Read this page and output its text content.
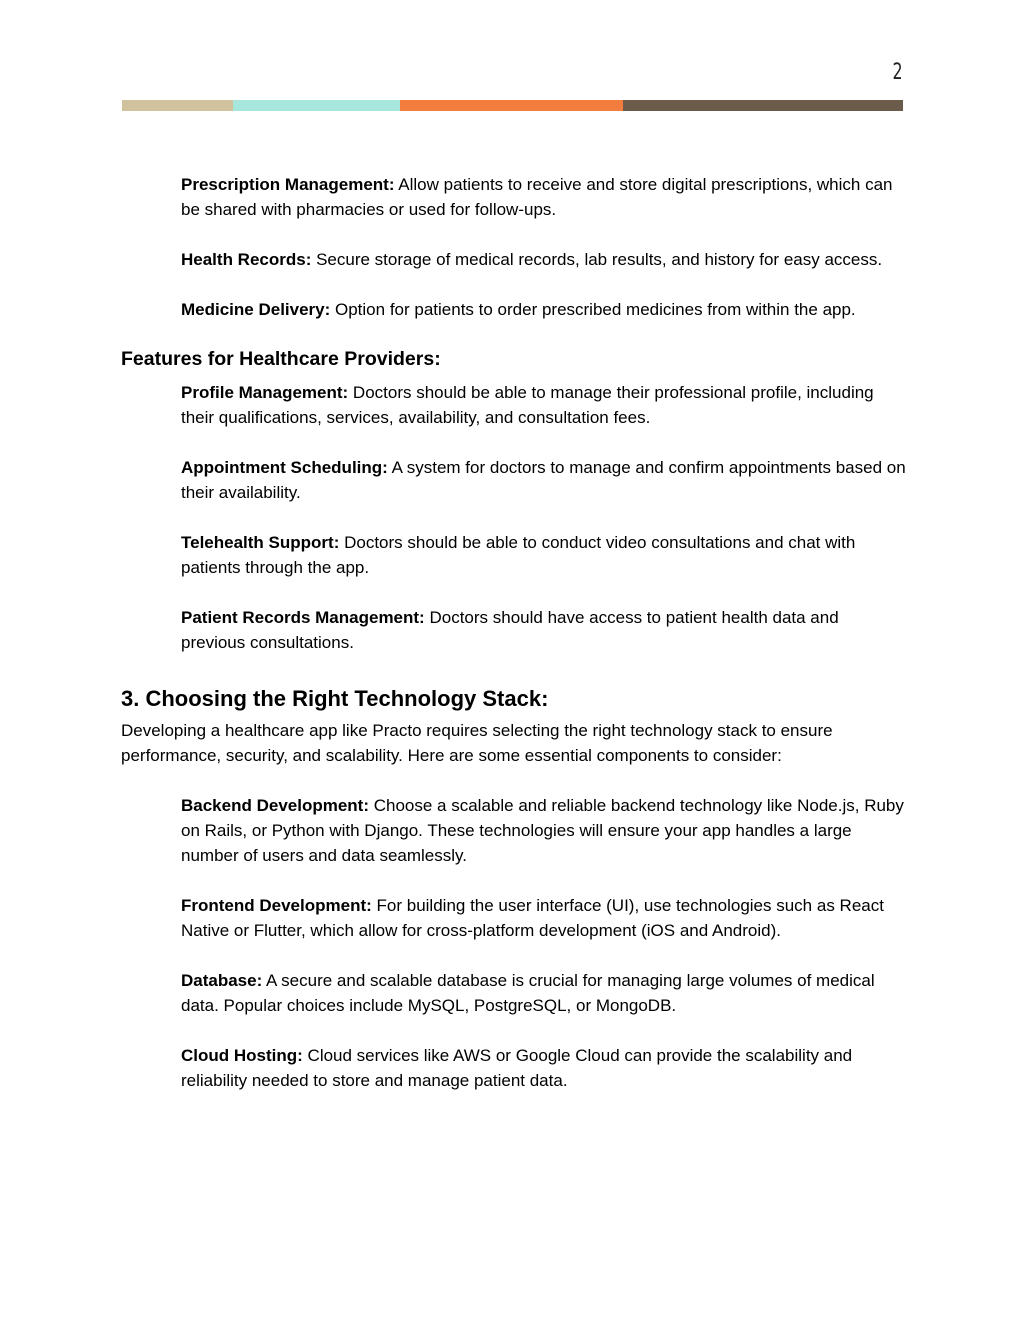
2
Prescription Management: Allow patients to receive and store digital prescriptions, which can be shared with pharmacies or used for follow-ups.
Health Records: Secure storage of medical records, lab results, and history for easy access.
Medicine Delivery: Option for patients to order prescribed medicines from within the app.
Features for Healthcare Providers:
Profile Management: Doctors should be able to manage their professional profile, including their qualifications, services, availability, and consultation fees.
Appointment Scheduling: A system for doctors to manage and confirm appointments based on their availability.
Telehealth Support: Doctors should be able to conduct video consultations and chat with patients through the app.
Patient Records Management: Doctors should have access to patient health data and previous consultations.
3. Choosing the Right Technology Stack:
Developing a healthcare app like Practo requires selecting the right technology stack to ensure performance, security, and scalability. Here are some essential components to consider:
Backend Development: Choose a scalable and reliable backend technology like Node.js, Ruby on Rails, or Python with Django. These technologies will ensure your app handles a large number of users and data seamlessly.
Frontend Development: For building the user interface (UI), use technologies such as React Native or Flutter, which allow for cross-platform development (iOS and Android).
Database: A secure and scalable database is crucial for managing large volumes of medical data. Popular choices include MySQL, PostgreSQL, or MongoDB.
Cloud Hosting: Cloud services like AWS or Google Cloud can provide the scalability and reliability needed to store and manage patient data.
